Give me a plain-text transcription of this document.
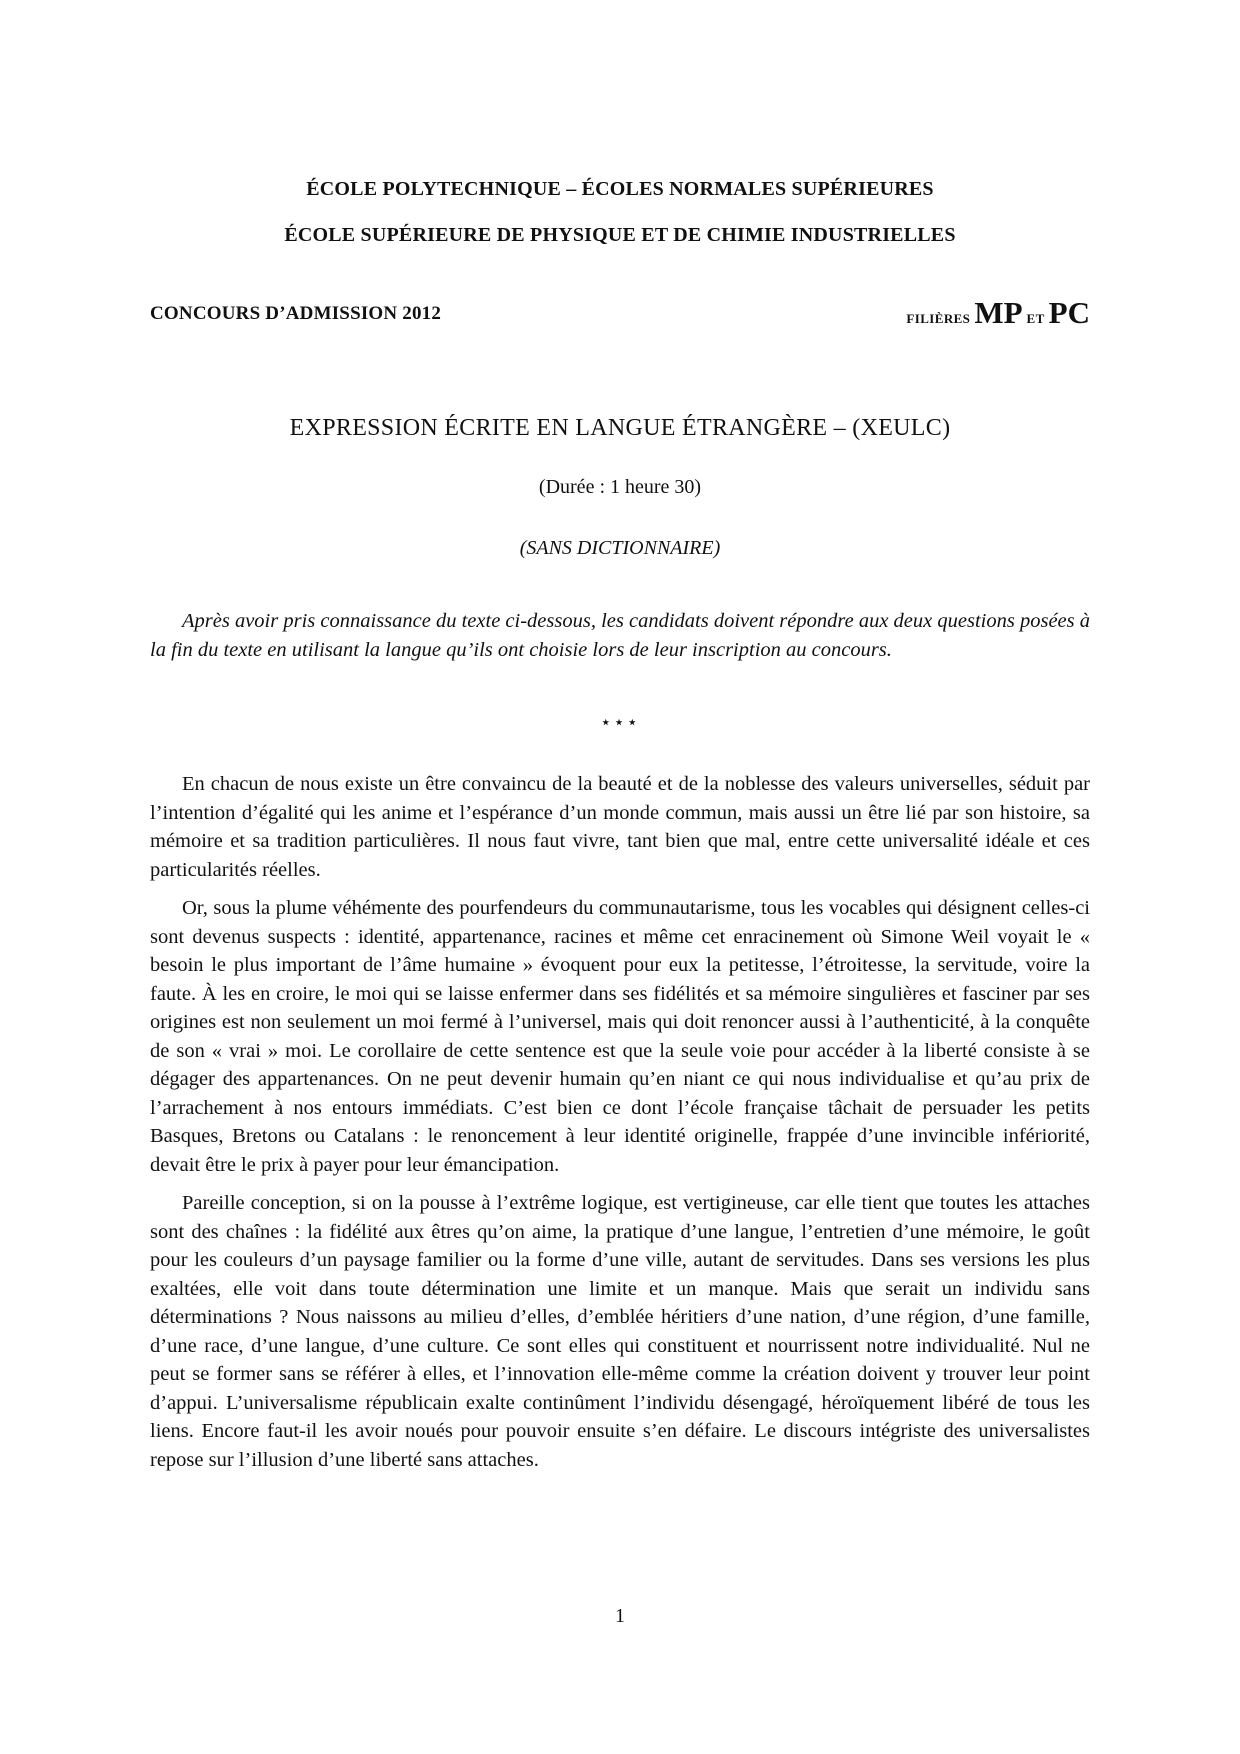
ÉCOLE POLYTECHNIQUE – ÉCOLES NORMALES SUPÉRIEURES
ÉCOLE SUPÉRIEURE DE PHYSIQUE ET DE CHIMIE INDUSTRIELLES
CONCOURS D’ADMISSION 2012	filières MP et PC
EXPRESSION ÉCRITE EN LANGUE ÉTRANGÈRE – (XEULC)
(Durée : 1 heure 30)
(SANS DICTIONNAIRE)

Après avoir pris connaissance du texte ci-dessous, les candidats doivent répondre aux deux questions posées à la fin du texte en utilisant la langue qu’ils ont choisie lors de leur inscription au concours.

⋆⋆⋆

En chacun de nous existe un être convaincu de la beauté et de la noblesse des valeurs universelles, séduit par l’intention d’égalité qui les anime et l’espérance d’un monde commun, mais aussi un être lié par son histoire, sa mémoire et sa tradition particulières. Il nous faut vivre, tant bien que mal, entre cette universalité idéale et ces particularités réelles.

Or, sous la plume véhémente des pourfendeurs du communautarisme, tous les vocables qui désignent celles-ci sont devenus suspects : identité, appartenance, racines et même cet enracinement où Simone Weil voyait le « besoin le plus important de l’âme humaine » évoquent pour eux la petitesse, l’étroitesse, la servitude, voire la faute. À les en croire, le moi qui se laisse enfermer dans ses fidélités et sa mémoire singulières et fasciner par ses origines est non seulement un moi fermé à l’universel, mais qui doit renoncer aussi à l’authenticité, à la conquête de son « vrai » moi. Le corollaire de cette sentence est que la seule voie pour accéder à la liberté consiste à se dégager des appartenances. On ne peut devenir humain qu’en niant ce qui nous individualise et qu’au prix de l’arrachement à nos entours immédiats. C’est bien ce dont l’école française tâchait de persuader les petits Basques, Bretons ou Catalans : le renoncement à leur identité originelle, frappée d’une invincible infériorité, devait être le prix à payer pour leur émancipation.

Pareille conception, si on la pousse à l’extrême logique, est vertigineuse, car elle tient que toutes les attaches sont des chaînes : la fidélité aux êtres qu’on aime, la pratique d’une langue, l’entretien d’une mémoire, le goût pour les couleurs d’un paysage familier ou la forme d’une ville, autant de servitudes. Dans ses versions les plus exaltées, elle voit dans toute détermination une limite et un manque. Mais que serait un individu sans déterminations ? Nous naissons au milieu d’elles, d’emblée héritiers d’une nation, d’une région, d’une famille, d’une race, d’une langue, d’une culture. Ce sont elles qui constituent et nourrissent notre individualité. Nul ne peut se former sans se référer à elles, et l’innovation elle-même comme la création doivent y trouver leur point d’appui. L’universalisme républicain exalte continûment l’individu désengagé, héroïquement libéré de tous les liens. Encore faut-il les avoir noués pour pouvoir ensuite s’en défaire. Le discours intégriste des universalistes repose sur l’illusion d’une liberté sans attaches.

1
